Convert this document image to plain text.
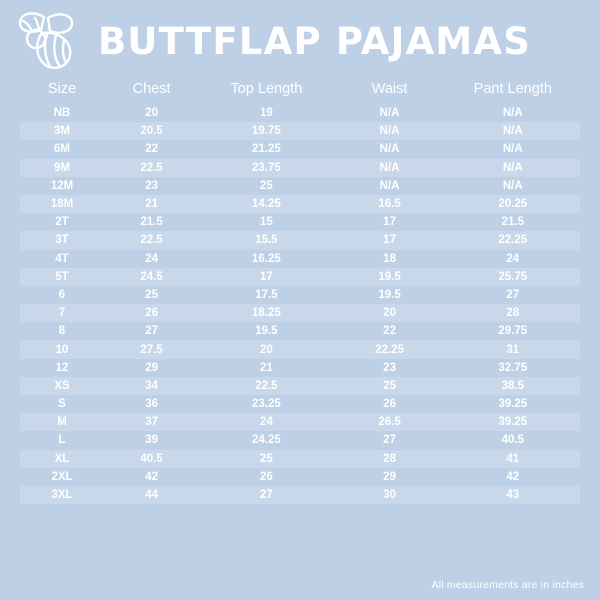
BUTTFLAP PAJAMAS
Size	Chest	Top Length	Waist	Pant Length
NB	20	19	N/A	N/A
3M	20.5	19.75	N/A	N/A
6M	22	21.25	N/A	N/A
9M	22.5	23.75	N/A	N/A
12M	23	25	N/A	N/A
18M	21	14.25	16.5	20.25
2T	21.5	15	17	21.5
3T	22.5	15.5	17	22.25
4T	24	16.25	18	24
5T	24.5	17	19.5	25.75
6	25	17.5	19.5	27
7	26	18.25	20	28
8	27	19.5	22	29.75
10	27.5	20	22.25	31
12	29	21	23	32.75
XS	34	22.5	25	38.5
S	36	23.25	26	39.25
M	37	24	26.5	39.25
L	39	24.25	27	40.5
XL	40.5	25	28	41
2XL	42	26	29	42
3XL	44	27	30	43
All measurements are in inches
